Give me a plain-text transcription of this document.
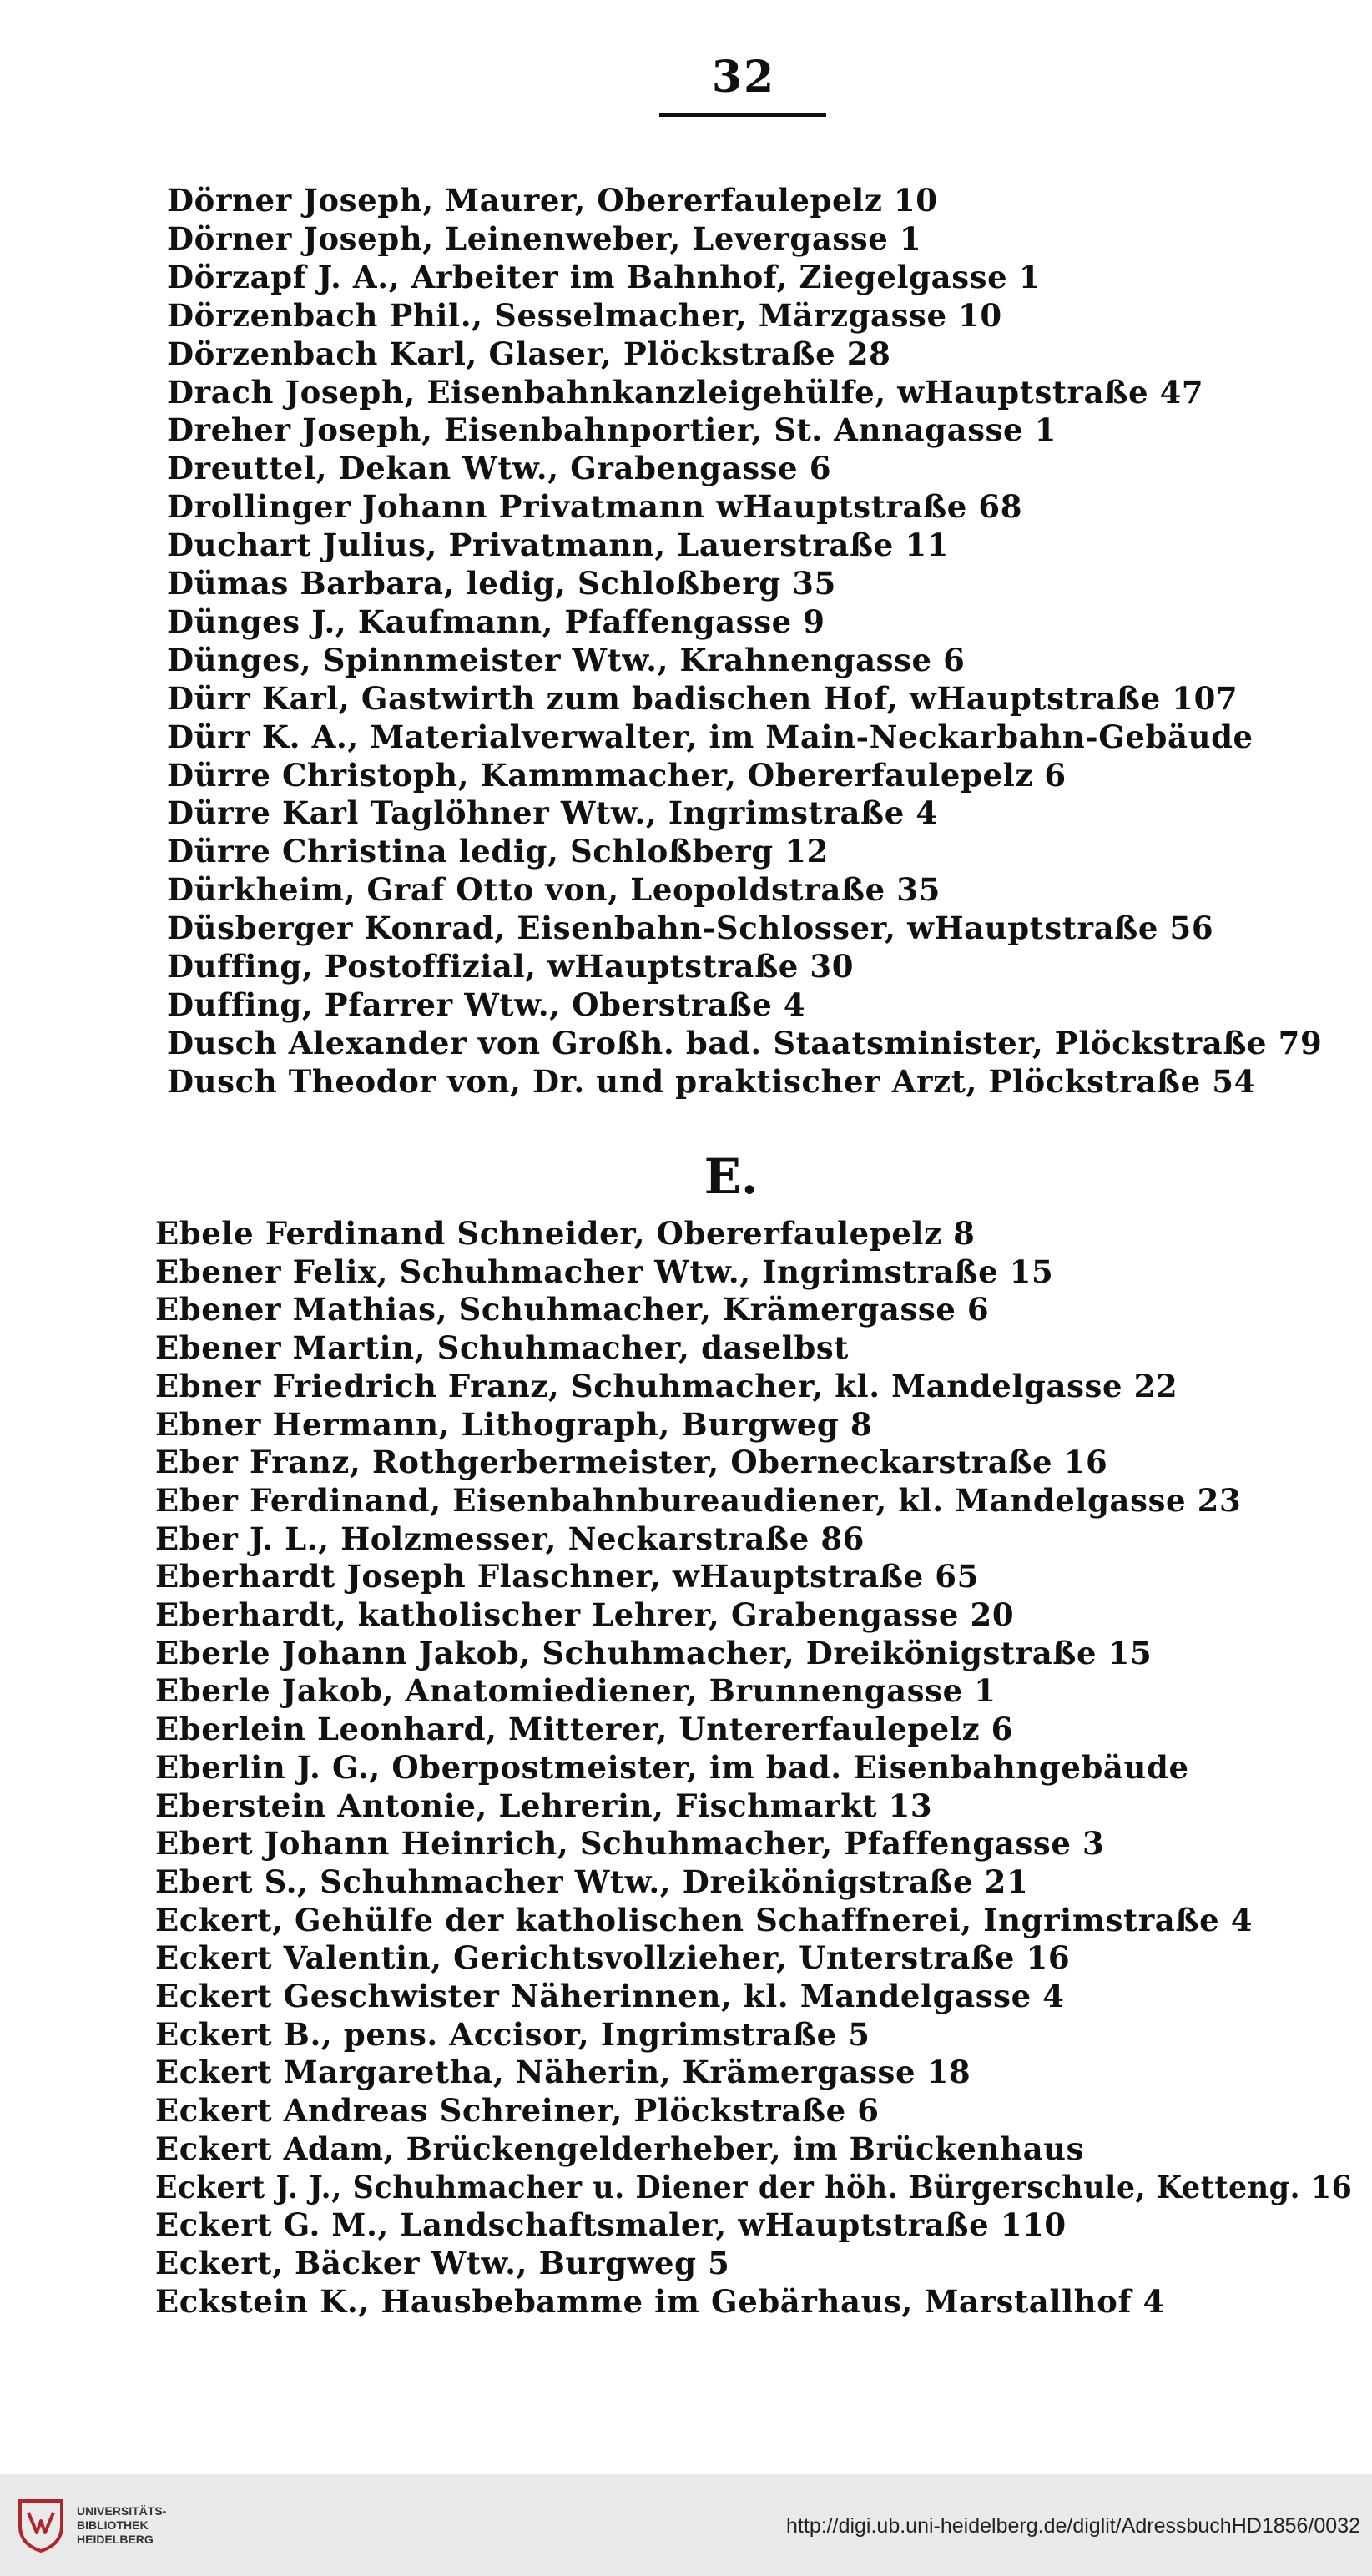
32
Dörner Joseph, Maurer, Obererfaulepelz 10
Dörner Joseph, Leinenweber, Levergasse 1
Dörzapf J. A., Arbeiter im Bahnhof, Ziegelgasse 1
Dörzenbach Phil., Sesselmacher, Märzgasse 10
Dörzenbach Karl, Glaser, Plöckstraße 28
Drach Joseph, Eisenbahnkanzleigehülfe, wHauptstraße 47
Dreher Joseph, Eisenbahnportier, St. Annagasse 1
Dreuttel, Dekan Wtw., Grabengasse 6
Drollinger Johann Privatmann wHauptstraße 68
Duchart Julius, Privatmann, Lauerstraße 11
Dümas Barbara, ledig, Schloßberg 35
Dünges J., Kaufmann, Pfaffengasse 9
Dünges, Spinnmeister Wtw., Krahnengasse 6
Dürr Karl, Gastwirth zum badischen Hof, wHauptstraße 107
Dürr K. A., Materialverwalter, im Main-Neckarbahn-Gebäude
Dürre Christoph, Kammmacher, Obererfaulepelz 6
Dürre Karl Taglöhner Wtw., Ingrimstraße 4
Dürre Christina ledig, Schloßberg 12
Dürkheim, Graf Otto von, Leopoldstraße 35
Düsberger Konrad, Eisenbahn-Schlosser, wHauptstraße 56
Duffing, Postoffizial, wHauptstraße 30
Duffing, Pfarrer Wtw., Oberstraße 4
Dusch Alexander von Großh. bad. Staatsminister, Plöckstraße 79
Dusch Theodor von, Dr. und praktischer Arzt, Plöckstraße 54
E.
Ebele Ferdinand Schneider, Obererfaulepelz 8
Ebener Felix, Schuhmacher Wtw., Ingrimstraße 15
Ebener Mathias, Schuhmacher, Krämergasse 6
Ebener Martin, Schuhmacher, daselbst
Ebner Friedrich Franz, Schuhmacher, kl. Mandelgasse 22
Ebner Hermann, Lithograph, Burgweg 8
Eber Franz, Rothgerbermeister, Oberneckarstraße 16
Eber Ferdinand, Eisenbahnbureaudiener, kl. Mandelgasse 23
Eber J. L., Holzmesser, Neckarstraße 86
Eberhardt Joseph Flaschner, wHauptstraße 65
Eberhardt, katholischer Lehrer, Grabengasse 20
Eberle Johann Jakob, Schuhmacher, Dreikönigstraße 15
Eberle Jakob, Anatomiediener, Brunnengasse 1
Eberlein Leonhard, Mitterer, Untererfaulepelz 6
Eberlin J. G., Oberpostmeister, im bad. Eisenbahngebäude
Eberstein Antonie, Lehrerin, Fischmarkt 13
Ebert Johann Heinrich, Schuhmacher, Pfaffengasse 3
Ebert S., Schuhmacher Wtw., Dreikönigstraße 21
Eckert, Gehülfe der katholischen Schaffnerei, Ingrimstraße 4
Eckert Valentin, Gerichtsvollzieher, Unterstraße 16
Eckert Geschwister Näherinnen, kl. Mandelgasse 4
Eckert B., pens. Accisor, Ingrimstraße 5
Eckert Margaretha, Näherin, Krämergasse 18
Eckert Andreas Schreiner, Plöckstraße 6
Eckert Adam, Brückengelderheber, im Brückenhaus
Eckert J. J., Schuhmacher u. Diener der höh. Bürgerschule, Ketteng. 16
Eckert G. M., Landschaftsmaler, wHauptstraße 110
Eckert, Bäcker Wtw., Burgweg 5
Eckstein K., Hausbebamme im Gebärhaus, Marstallhof 4
UNIVERSITÄTS-
BIBLIOTHEK
HEIDELBERG
http://digi.ub.uni-heidelberg.de/diglit/AdressbuchHD1856/0032
